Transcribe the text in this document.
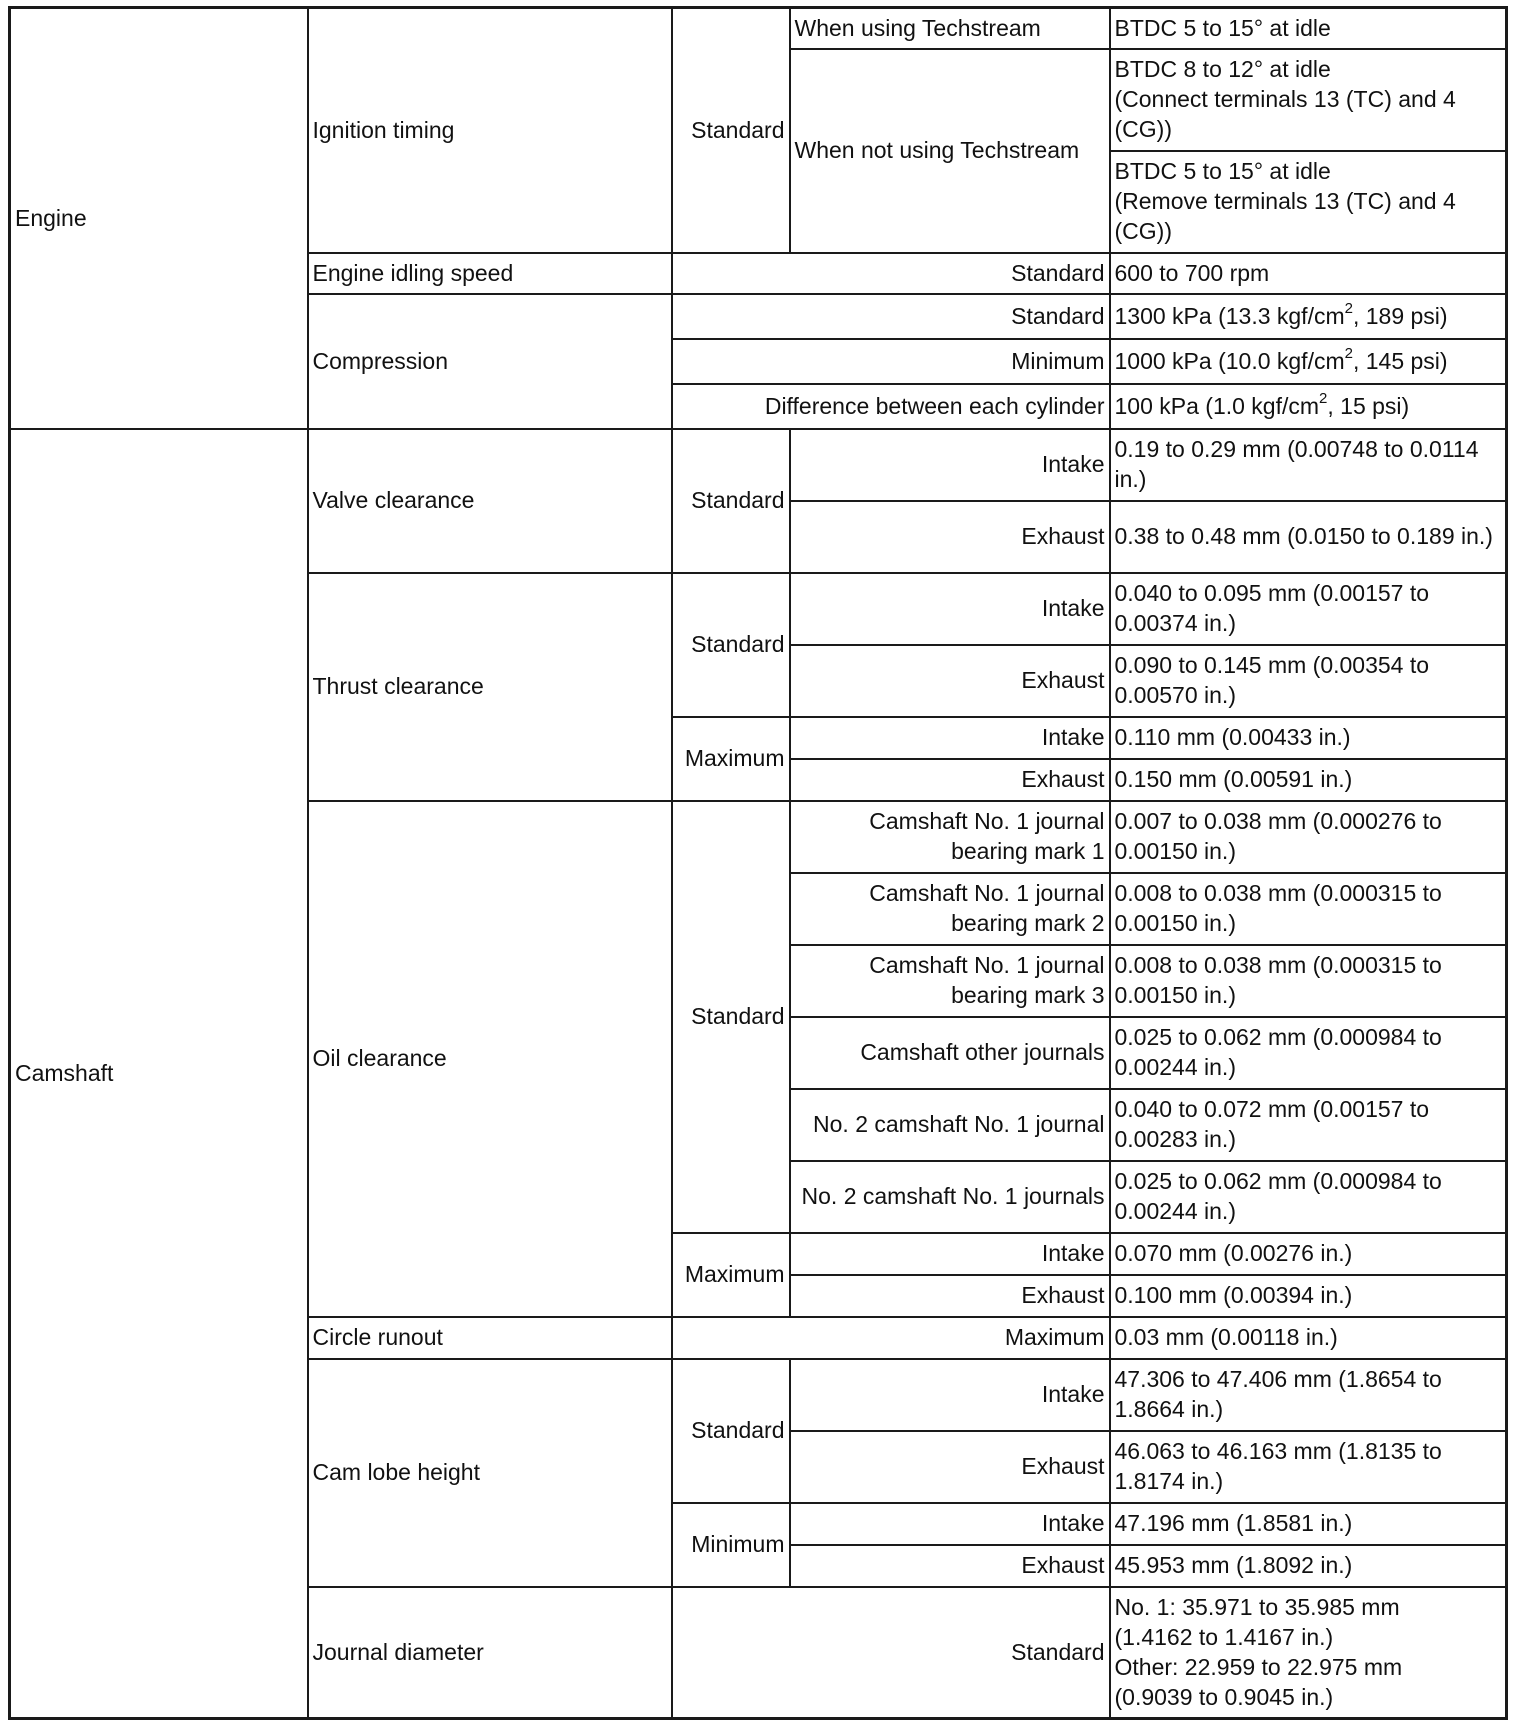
Engine	Ignition timing	Standard	When using Techstream	BTDC 5 to 15° at idle
			When not using Techstream	BTDC 8 to 12° at idle
(Connect terminals 13 (TC) and 4 (CG))
				BTDC 5 to 15° at idle
(Remove terminals 13 (TC) and 4 (CG))
	Engine idling speed	Standard		600 to 700 rpm
	Compression	Standard		1300 kPa (13.3 kgf/$cm^2$, 189 psi)
		Minimum		1000 kPa (10.0 kgf/$cm^2$, 145 psi)
		Difference between each cylinder		100 kPa (1.0 kgf/$cm^2$, 15 psi)
Camshaft	Valve clearance	Standard	Intake	0.19 to 0.29 mm (0.00748 to 0.0114 in.)
			Exhaust	0.38 to 0.48 mm (0.0150 to 0.189 in.)
	Thrust clearance	Standard	Intake	0.040 to 0.095 mm (0.00157 to 0.00374 in.)
			Exhaust	0.090 to 0.145 mm (0.00354 to 0.00570 in.)
		Maximum	Intake	0.110 mm (0.00433 in.)
			Exhaust	0.150 mm (0.00591 in.)
	Oil clearance	Standard	Camshaft No. 1 journal bearing mark 1	0.007 to 0.038 mm (0.000276 to 0.00150 in.)
			Camshaft No. 1 journal bearing mark 2	0.008 to 0.038 mm (0.000315 to 0.00150 in.)
			Camshaft No. 1 journal bearing mark 3	0.008 to 0.038 mm (0.000315 to 0.00150 in.)
			Camshaft other journals	0.025 to 0.062 mm (0.000984 to 0.00244 in.)
			No. 2 camshaft No. 1 journal	0.040 to 0.072 mm (0.00157 to 0.00283 in.)
			No. 2 camshaft No. 1 journals	0.025 to 0.062 mm (0.000984 to 0.00244 in.)
		Maximum	Intake	0.070 mm (0.00276 in.)
			Exhaust	0.100 mm (0.00394 in.)
	Circle runout	Maximum		0.03 mm (0.00118 in.)
	Cam lobe height	Standard	Intake	47.306 to 47.406 mm (1.8654 to 1.8664 in.)
			Exhaust	46.063 to 46.163 mm (1.8135 to 1.8174 in.)
		Minimum	Intake	47.196 mm (1.8581 in.)
			Exhaust	45.953 mm (1.8092 in.)
	Journal diameter	Standard		No. 1: 35.971 to 35.985 mm
(1.4162 to 1.4167 in.)
Other: 22.959 to 22.975 mm
(0.9039 to 0.9045 in.)
